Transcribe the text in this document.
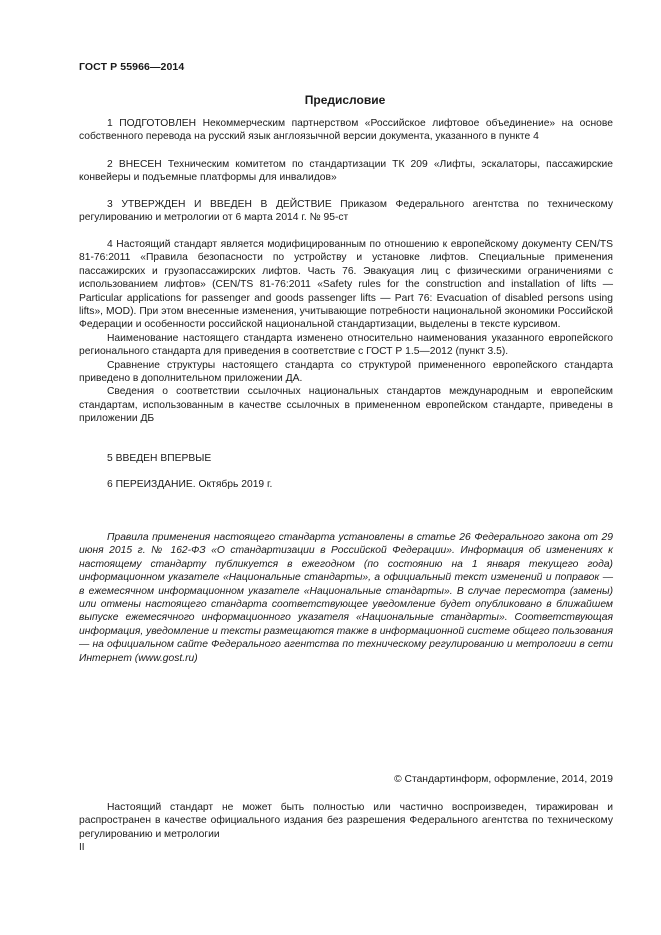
ГОСТ Р 55966—2014
Предисловие

1 ПОДГОТОВЛЕН Некоммерческим партнерством «Российское лифтовое объединение» на основе собственного перевода на русский язык англоязычной версии документа, указанного в пункте 4

2 ВНЕСЕН Техническим комитетом по стандартизации ТК 209 «Лифты, эскалаторы, пассажирские конвейеры и подъемные платформы для инвалидов»

3 УТВЕРЖДЕН И ВВЕДЕН В ДЕЙСТВИЕ Приказом Федерального агентства по техническому регулированию и метрологии от 6 марта 2014 г. № 95-ст

4 Настоящий стандарт является модифицированным по отношению к европейскому документу CEN/TS 81-76:2011 «Правила безопасности по устройству и установке лифтов. Специальные применения пассажирских и грузопассажирских лифтов. Часть 76. Эвакуация лиц с физическими ограничениями с использованием лифтов» (CEN/TS 81-76:2011 «Safety rules for the construction and installation of lifts — Particular applications for passenger and goods passenger lifts — Part 76: Evacuation of disabled persons using lifts», MOD). При этом внесенные изменения, учитывающие потребности национальной экономики Российской Федерации и особенности российской национальной стандартизации, выделены в тексте курсивом.

Наименование настоящего стандарта изменено относительно наименования указанного европейского регионального стандарта для приведения в соответствие с ГОСТ Р 1.5—2012 (пункт 3.5).

Сравнение структуры настоящего стандарта со структурой примененного европейского стандарта приведено в дополнительном приложении ДА.

Сведения о соответствии ссылочных национальных стандартов международным и европейским стандартам, использованным в качестве ссылочных в примененном европейском стандарте, приведены в приложении ДБ

5 ВВЕДЕН ВПЕРВЫЕ

6 ПЕРЕИЗДАНИЕ. Октябрь 2019 г.

Правила применения настоящего стандарта установлены в статье 26 Федерального закона от 29 июня 2015 г. № 162-ФЗ «О стандартизации в Российской Федерации». Информация об изменениях к настоящему стандарту публикуется в ежегодном (по состоянию на 1 января текущего года) информационном указателе «Национальные стандарты», а официальный текст изменений и поправок — в ежемесячном информационном указателе «Национальные стандарты». В случае пересмотра (замены) или отмены настоящего стандарта соответствующее уведомление будет опубликовано в ближайшем выпуске ежемесячного информационного указателя «Национальные стандарты». Соответствующая информация, уведомление и тексты размещаются также в информационной системе общего пользования — на официальном сайте Федерального агентства по техническому регулированию и метрологии в сети Интернет (www.gost.ru)

© Стандартинформ, оформление, 2014, 2019

Настоящий стандарт не может быть полностью или частично воспроизведен, тиражирован и распространен в качестве официального издания без разрешения Федерального агентства по техническому регулированию и метрологии

II
